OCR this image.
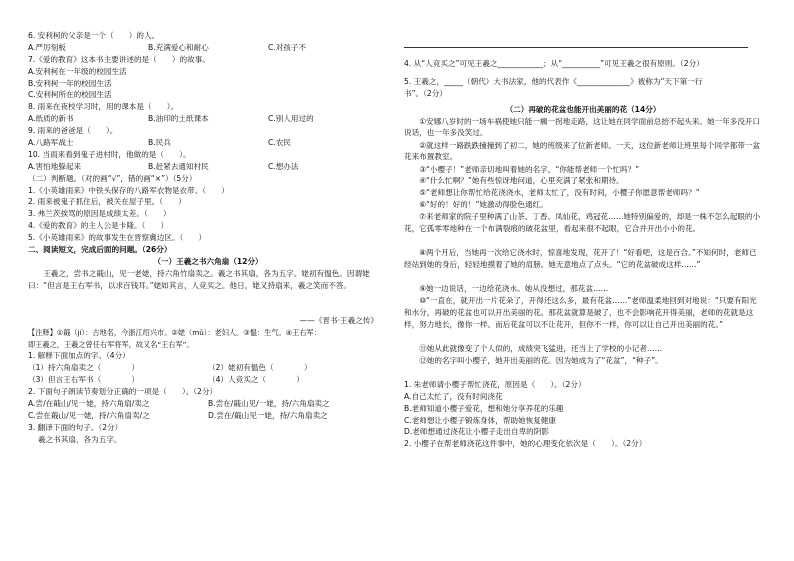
6. 安利柯的父亲是一个（　　）的人。
A.严厉刻板	B.充满爱心和耐心	C.对孩子不
7.《爱的教育》这本书主要讲述的是（　　）的故事。
A.安利柯在一年级的校园生活
B.安利柯一年的校园生活
C.安利柯所在的校园生活
8. 雨来在夜校学习时，用的课本是（　　）。
A.纸质的新书	B.油印的土纸课本	C.别人用过的
9. 雨来的爸爸是（　　）。
A.八路军战士	B.民兵	C.农民
10. 当雨来看到鬼子进村时，他做的是（　　）。
A.害怕地躲起来	B.赶紧去通知村民	C.想办法
（二）判断题。（对的画“√”，错的画“×”）（5分）
1.《小英雄雨来》中铁头保存的八路军衣物是衣带。（　　）
2. 雨来被鬼子抓住后，被关在屋子里。（　　）
3. 弗兰茨挨骂的原因是成绩太差。（　　）
4.《爱的教育》的主人公是卡隆。（　　）
5.《小英雄雨来》的故事发生在晋察冀边区。（　　）
二、阅读短文，完成后面的问题。（26分）
（一）王羲之书六角扇（12分）
王羲之，尝书之蕺山，见一老姥，持六角竹扇卖之。羲之书其扇，各为五字。姥初有愠色。因谓姥曰：“但言是王右军书，以求百钱耳。”姥如其言，人竞买之。他日，姥又持扇来，羲之笑而不答。
——《晋书·王羲之传》
【注释】①蕺（jí）：古地名，今浙江绍兴市。②姥（mǔ）：老妇人。③愠：生气。④王右军：
即王羲之，王羲之曾任右军将军，故又名“王右军”。
1. 解释下面加点的字。（4分）
（1）持六角扇卖之（　　　　）	（2）姥初有愠色（　　　　）
（3）但言王右军书（　　　　）	（4）人竞买之（　　　　）
2. 下面句子朗读节奏划分正确的一项是（　　）。（2分）
A.尝/在蕺山/见一姥，持六角扇/卖之	B.尝在/蕺山见/一姥，持/六角扇卖之
C.尝在蕺山/见一姥，持/六角扇卖/之	D.尝在/蕺山见一姥，持/六角扇卖之
3. 翻译下面的句子。（2分）
羲之书其扇，各为五字。
4. 从“人竞买之”可见王羲之____________；从“__________”可见王羲之很有原则。（2分）
5. 王羲之，_____（朝代）大书法家，他的代表作《______________》被称为“天下第一行
书”。（2分）
（二）再破的花盆也能开出美丽的花（14分）
①安娜八岁时的一场车祸使她只能一瘸一拐地走路，这让她在同学面前总抬不起头来。她一年多没开口说话，也一年多没笑过。
②就这样一路跌跌撞撞到了初二，她的班级来了位新老师。一天，这位新老师让班里每个同学都带一盆花来布置教室。
③“小樱子！”老师亲切地叫着她的名字，“你能帮老师一个忙吗？”
④“什么忙啊？”她有些惊讶地问道，心里充满了紧张和期待。
⑤“老师想让你帮忙给花浇浇水，老师太忙了，没有时间，小樱子你愿意帮老师吗？”
⑥“好的！好的！”她激动得脸色通红。
⑦来老师家的院子里种满了山茶、丁香、凤仙花、鸡冠花……她特别偏爱的，却是一株不怎么起眼的小花，它孤零零地种在一个布满裂痕的破花盆里，看起来很不起眼，它合并开出小小的花。
⑧两个月后，当她再一次给它浇水时，惊喜地发现，花开了！“好看吧，这是百合。”不知何时，老师已经站到她的身后，轻轻地摸着了她的肩膀。她无意地点了点头。“它的花盆破成这样……”
⑨她一边说话，一边给花浇水。她从没想过，那花盆……
⑩“一直在，就开出一片花朵了，开得还这么多，最有花盆……”老师温柔地回到对地说：“只要有阳光和水分，再破的花盆也可以开出美丽的花。那花盆就算是破了，也不会影响花开得美丽，老师的花就是这样，努力地长，像你一样。而后花盆可以不让花开，但你不一样，你可以让自己开出美丽的花。”
⑪她从此就像变了个人似的，成绩突飞猛进，还当上了学校的小记者……
⑫她的名字叫小樱子，她开出美丽的花。因为她成为了“花盆”，“种子”。
1. 朱老师请小樱子帮忙浇花，原因是（　　）。（2分）
A.自己太忙了，没有时间浇花
B.老师知道小樱子爱花，想和她分享养花的乐趣
C.老师想让小樱子锻炼身体，帮助她恢复健康
D.老师想通过浇花让小樱子走出自卑的阴影
2. 小樱子在帮老师浇花这件事中，她的心理变化依次是（　　）。（2分）
